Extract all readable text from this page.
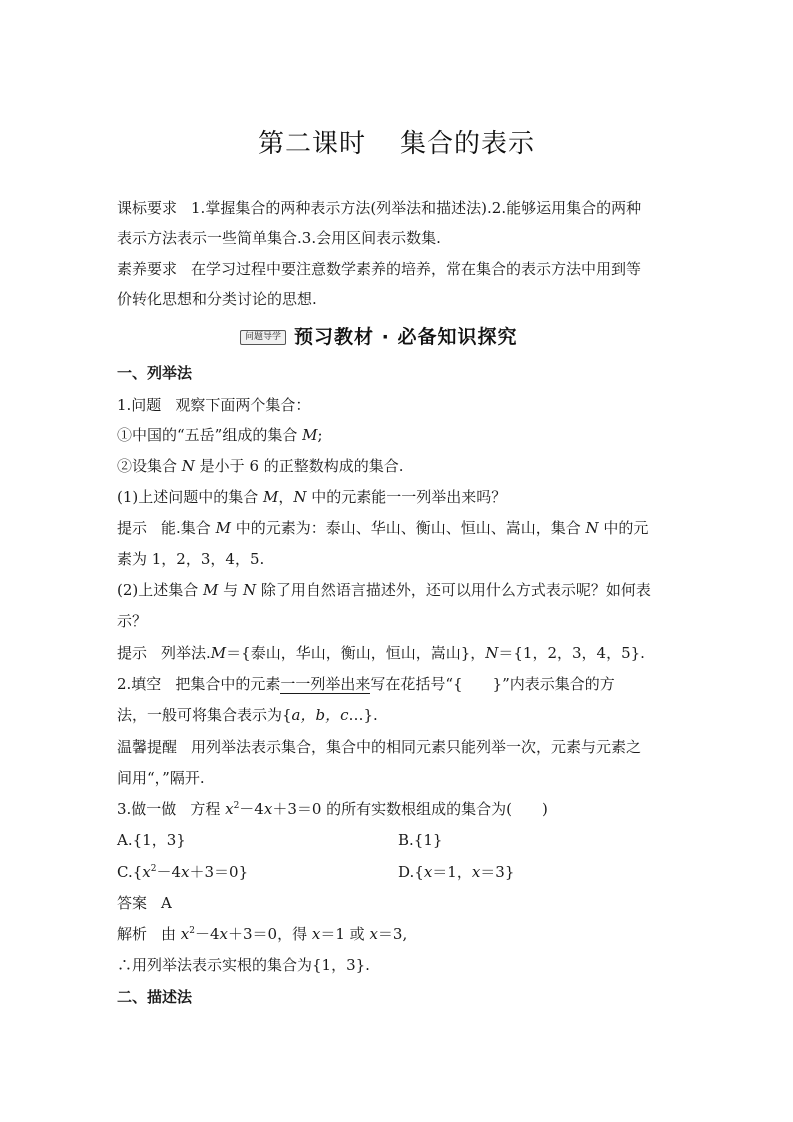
第二课时 集合的表示
课标要求 1.掌握集合的两种表示方法(列举法和描述法).2.能够运用集合的两种
表示方法表示一些简单集合.3.会用区间表示数集.
素养要求 在学习过程中要注意数学素养的培养，常在集合的表示方法中用到等
价转化思想和分类讨论的思想.
问题导学 预习教材 · 必备知识探究
一、列举法
1.问题 观察下面两个集合：
①中国的“五岳”组成的集合 M;
②设集合 N 是小于 6 的正整数构成的集合.
(1)上述问题中的集合 M，N 中的元素能一一列举出来吗？
提示 能.集合 M 中的元素为：泰山、华山、衡山、恒山、嵩山，集合 N 中的元
素为 1，2，3，4，5.
(2)上述集合 M 与 N 除了用自然语言描述外，还可以用什么方式表示呢？如何表
示？
提示 列举法.M＝{泰山，华山，衡山，恒山，嵩山}，N＝{1，2，3，4，5}.
2.填空 把集合中的元素一一列举出来写在花括号“{　　}”内表示集合的方
法，一般可将集合表示为{a，b，c…}.
温馨提醒 用列举法表示集合，集合中的相同元素只能列举一次，元素与元素之
间用“，”隔开.
3.做一做 方程 $x^2-4x+3=0$ 的所有实数根组成的集合为(　　)
A.{1，3}	B.{1}
$C.\{x^2-4x+3=0\}$	D.{x＝1，x＝3}
答案 A
解析 由 $x^2-4x+3=0$，得 x＝1 或 x＝3,
∴用列举法表示实根的集合为{1，3}.
二、描述法
